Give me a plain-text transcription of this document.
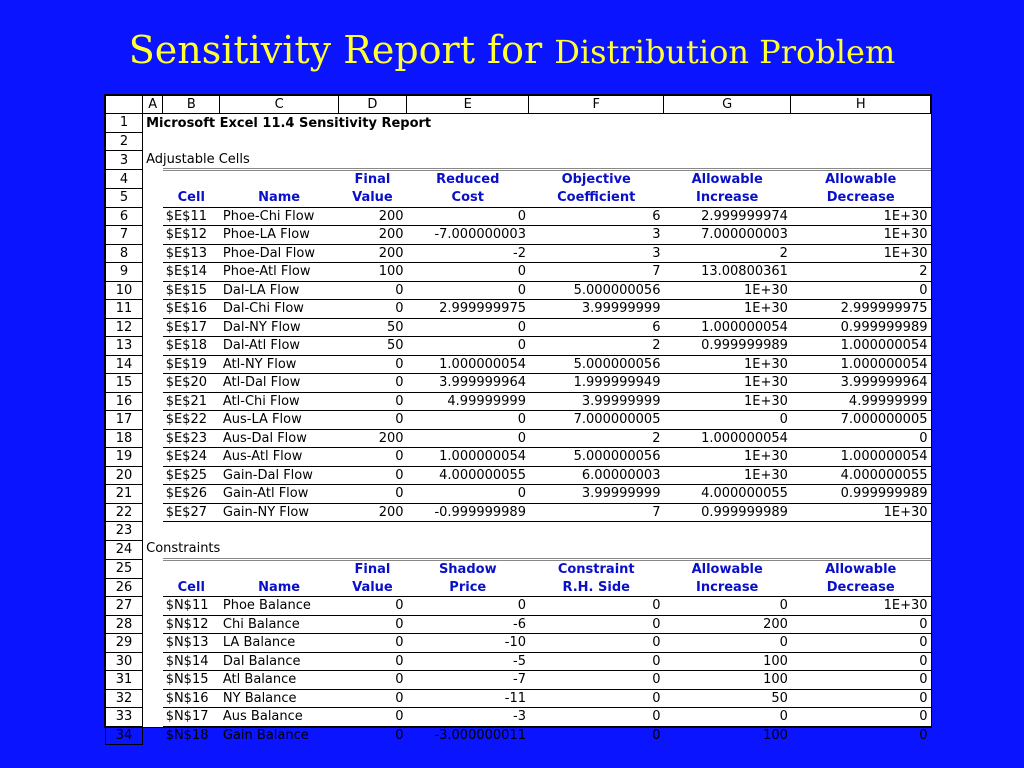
Sensitivity Report for Distribution Problem
	A	B	C	D	E	F	G	H
1	Microsoft Excel 11.4 Sensitivity Report							
2								
3	Adjustable Cells							
4				Final	Reduced	Objective	Allowable	Allowable
5		Cell	Name	Value	Cost	Coefficient	Increase	Decrease
6		$E$11	Phoe-Chi Flow	200	0	6	2.999999974	1E+30
7		$E$12	Phoe-LA Flow	200	-7.000000003	3	7.000000003	1E+30
8		$E$13	Phoe-Dal Flow	200	-2	3	2	1E+30
9		$E$14	Phoe-Atl Flow	100	0	7	13.00800361	2
10		$E$15	Dal-LA Flow	0	0	5.000000056	1E+30	0
11		$E$16	Dal-Chi Flow	0	2.999999975	3.99999999	1E+30	2.999999975
12		$E$17	Dal-NY Flow	50	0	6	1.000000054	0.999999989
13		$E$18	Dal-Atl Flow	50	0	2	0.999999989	1.000000054
14		$E$19	Atl-NY Flow	0	1.000000054	5.000000056	1E+30	1.000000054
15		$E$20	Atl-Dal Flow	0	3.999999964	1.999999949	1E+30	3.999999964
16		$E$21	Atl-Chi Flow	0	4.99999999	3.99999999	1E+30	4.99999999
17		$E$22	Aus-LA Flow	0	0	7.000000005	0	7.000000005
18		$E$23	Aus-Dal Flow	200	0	2	1.000000054	0
19		$E$24	Aus-Atl Flow	0	1.000000054	5.000000056	1E+30	1.000000054
20		$E$25	Gain-Dal Flow	0	4.000000055	6.00000003	1E+30	4.000000055
21		$E$26	Gain-Atl Flow	0	0	3.99999999	4.000000055	0.999999989
22		$E$27	Gain-NY Flow	200	-0.999999989	7	0.999999989	1E+30
23								
24	Constraints							
25				Final	Shadow	Constraint	Allowable	Allowable
26		Cell	Name	Value	Price	R.H. Side	Increase	Decrease
27		$N$11	Phoe Balance	0	0	0	0	1E+30
28		$N$12	Chi Balance	0	-6	0	200	0
29		$N$13	LA Balance	0	-10	0	0	0
30		$N$14	Dal Balance	0	-5	0	100	0
31		$N$15	Atl Balance	0	-7	0	100	0
32		$N$16	NY Balance	0	-11	0	50	0
33		$N$17	Aus Balance	0	-3	0	0	0
34		$N$18	Gain Balance	0	-3.000000011	0	100	0
